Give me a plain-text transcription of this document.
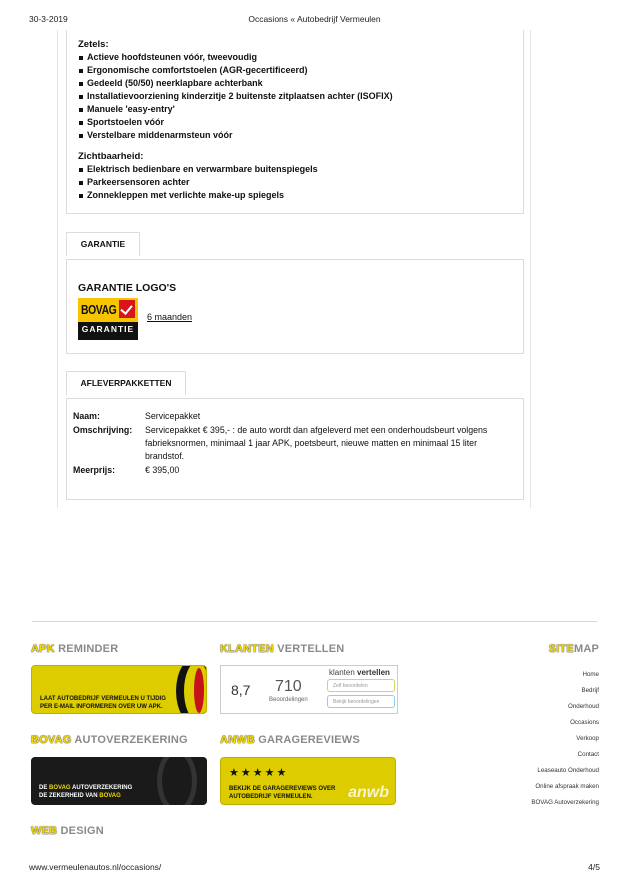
30-3-2019	Occasions « Autobedrijf Vermeulen
Zetels:
Actieve hoofdsteunen vóór, tweevoudig
Ergonomische comfortstoelen (AGR-gecertificeerd)
Gedeeld (50/50) neerklapbare achterbank
Installatievoorziening kinderzitje 2 buitenste zitplaatsen achter (ISOFIX)
Manuele 'easy-entry'
Sportstoelen vóór
Verstelbare middenarmsteun vóór
Zichtbaarheid:
Elektrisch bedienbare en verwarmbare buitenspiegels
Parkeersensoren achter
Zonnekleppen met verlichte make-up spiegels
GARANTIE
GARANTIE LOGO'S
BOVAG
GARANTIE
6 maanden
AFLEVERPAKKETTEN
Naam:	Servicepakket
Omschrijving:	Servicepakket € 395,- : de auto wordt dan afgeleverd met een onderhoudsbeurt volgens fabrieksnormen, minimaal 1 jaar APK, poetsbeurt, nieuwe matten en minimaal 15 liter brandstof.
Meerprijs:	€ 395,00
APK REMINDER
LAAT AUTOBEDRIJF VERMEULEN U TIJDIG
PER E-MAIL INFORMEREN OVER UW APK.
BOVAG AUTOVERZEKERING
DE BOVAG AUTOVERZEKERING
DE ZEKERHEID VAN BOVAG
WEB DESIGN
KLANTEN VERTELLEN
8,7 710
Beoordelingen
klanten vertellen
Zelf beoordelen
Bekijk beoordelingen
ANWB GARAGEREVIEWS
★★★★★
BEKIJK DE GARAGEREVIEWS OVER
AUTOBEDRIJF VERMEULEN.	anwb
SITEMAP
Home
Bedrijf
Onderhoud
Occasions
Verkoop
Contact
Leaseauto Onderhoud
Online afspraak maken
BOVAG Autoverzekering
www.vermeulenautos.nl/occasions/	4/5
